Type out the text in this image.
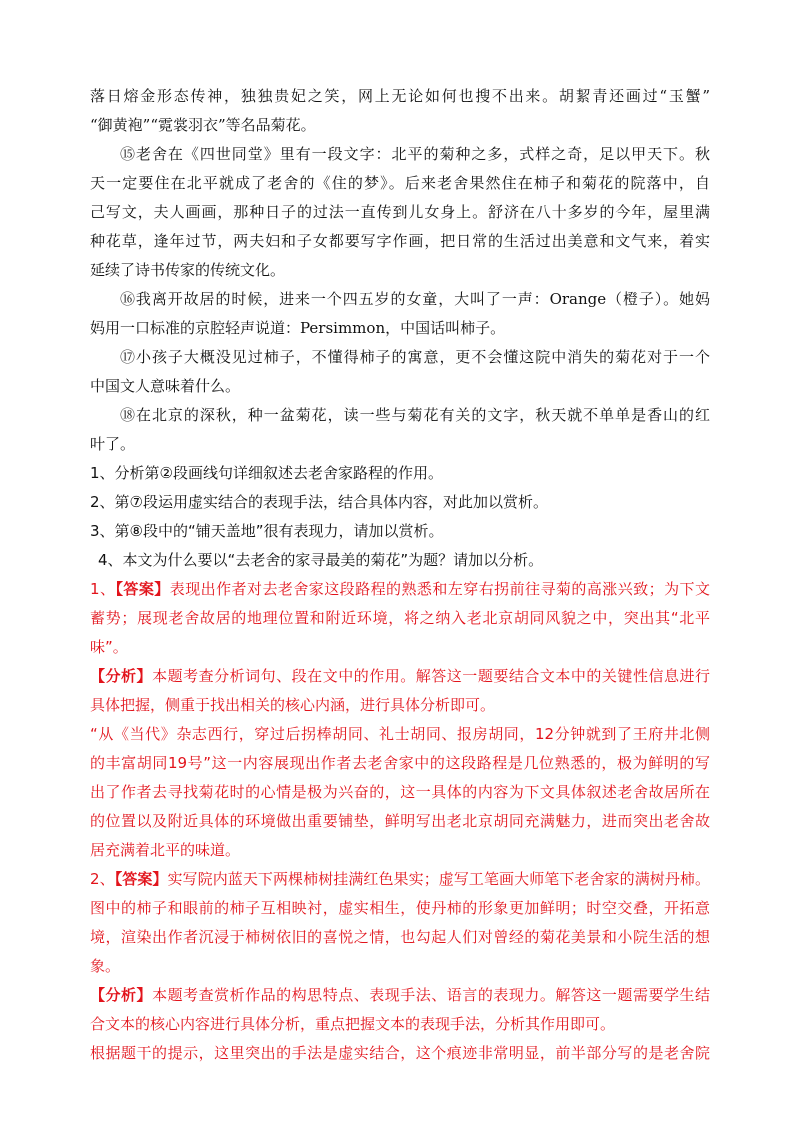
落日熔金形态传神，独独贵妃之笑，网上无论如何也搜不出来。胡絜青还画过“玉蟹”
“御黄袍”“霓裳羽衣”等名品菊花。
⑮老舍在《四世同堂》里有一段文字：北平的菊种之多，式样之奇，足以甲天下。秋
天一定要住在北平就成了老舍的《住的梦》。后来老舍果然住在柿子和菊花的院落中，自
己写文，夫人画画，那种日子的过法一直传到儿女身上。舒济在八十多岁的今年，屋里满
种花草，逢年过节，两夫妇和子女都要写字作画，把日常的生活过出美意和文气来，着实
延续了诗书传家的传统文化。
⑯我离开故居的时候，进来一个四五岁的女童，大叫了一声：Orange（橙子）。她妈
妈用一口标准的京腔轻声说道：Persimmon，中国话叫柿子。
⑰小孩子大概没见过柿子，不懂得柿子的寓意，更不会懂这院中消失的菊花对于一个
中国文人意味着什么。
⑱在北京的深秋，种一盆菊花，读一些与菊花有关的文字，秋天就不单单是香山的红
叶了。
1、分析第②段画线句详细叙述去老舍家路程的作用。
2、第⑦段运用虚实结合的表现手法，结合具体内容，对此加以赏析。
3、第⑧段中的“铺天盖地”很有表现力，请加以赏析。
4、本文为什么要以“去老舍的家寻最美的菊花”为题？请加以分析。
1、【答案】表现出作者对去老舍家这段路程的熟悉和左穿右拐前往寻菊的高涨兴致；为下文
蓄势；展现老舍故居的地理位置和附近环境，将之纳入老北京胡同风貌之中，突出其“北平
味”。
【分析】本题考查分析词句、段在文中的作用。解答这一题要结合文本中的关键性信息进行
具体把握，侧重于找出相关的核心内涵，进行具体分析即可。
“从《当代》杂志西行，穿过后拐棒胡同、礼士胡同、报房胡同，12分钟就到了王府井北侧
的丰富胡同19号”这一内容展现出作者去老舍家中的这段路程是几位熟悉的，极为鲜明的写
出了作者去寻找菊花时的心情是极为兴奋的，这一具体的内容为下文具体叙述老舍故居所在
的位置以及附近具体的环境做出重要铺垫，鲜明写出老北京胡同充满魅力，进而突出老舍故
居充满着北平的味道。
2、【答案】实写院内蓝天下两棵柿树挂满红色果实；虚写工笔画大师笔下老舍家的满树丹柿。
图中的柿子和眼前的柿子互相映衬，虚实相生，使丹柿的形象更加鲜明；时空交叠，开拓意
境，渲染出作者沉浸于柿树依旧的喜悦之情，也勾起人们对曾经的菊花美景和小院生活的想
象。
【分析】本题考查赏析作品的构思特点、表现手法、语言的表现力。解答这一题需要学生结
合文本的核心内容进行具体分析，重点把握文本的表现手法，分析其作用即可。
根据题干的提示，这里突出的手法是虚实结合，这个痕迹非常明显，前半部分写的是老舍院
